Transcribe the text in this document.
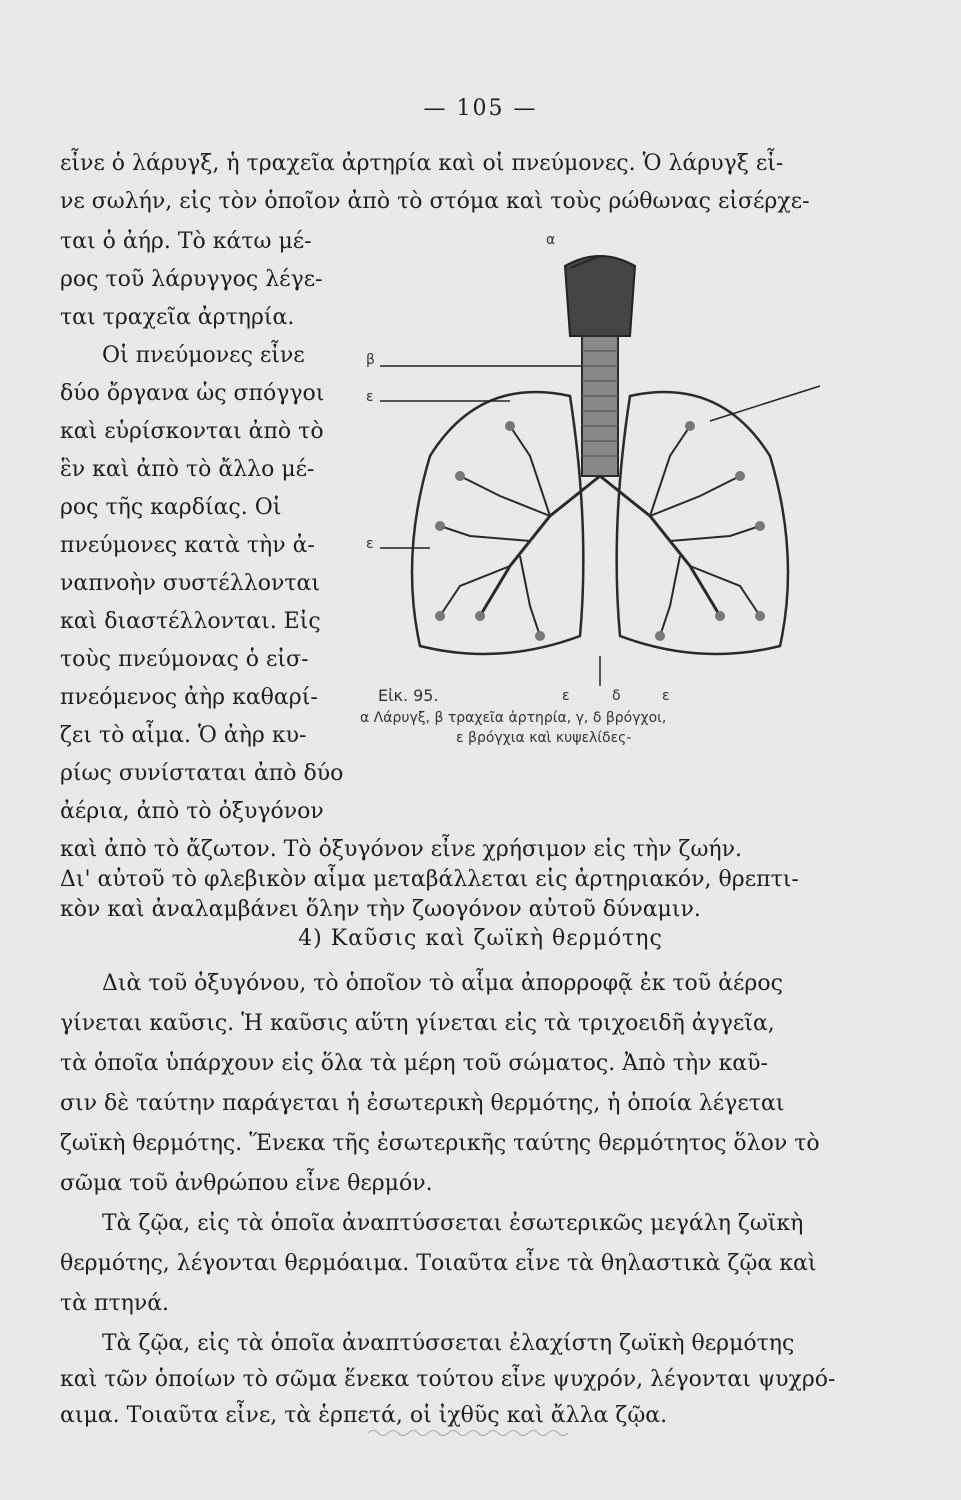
— 105 —
εἶνε ὁ λάρυγξ, ἡ τραχεῖα ἀρτηρία καὶ οἱ πνεύμονες. Ὁ λάρυγξ εἶ-
νε σωλήν, εἰς τὸν ὁποῖον ἀπὸ τὸ στόμα καὶ τοὺς ρώθωνας εἰσέρχε-
ται ὁ ἀήρ. Τὸ κάτω μέ-
ρος τοῦ λάρυγγος λέγε-
ται τραχεῖα ἀρτηρία.
Οἱ πνεύμονες εἶνε
δύο ὄργανα ὡς σπόγγοι
καὶ εὑρίσκονται ἀπὸ τὸ
ἓν καὶ ἀπὸ τὸ ἄλλο μέ-
ρος τῆς καρδίας. Οἱ
πνεύμονες κατὰ τὴν ἀ-
ναπνοὴν συστέλλονται
καὶ διαστέλλονται. Εἰς
τοὺς πνεύμονας ὁ εἰσ-
πνεόμενος ἀὴρ καθαρί-
ζει τὸ αἷμα. Ὁ ἀὴρ κυ-
ρίως συνίσταται ἀπὸ δύο
ἀέρια, ἀπὸ τὸ ὀξυγόνον
α
β
ε
ε
Εἰκ. 95.	ε	δ	ε
α Λάρυγξ, β τραχεῖα ἀρτηρία, γ, δ βρόγχοι,
ε βρόγχια καὶ κυψελίδες-
καὶ ἀπὸ τὸ ἄζωτον. Τὸ ὀξυγόνον εἶνε χρήσιμον εἰς τὴν ζωήν.
Δι' αὐτοῦ τὸ φλεβικὸν αἷμα μεταβάλλεται εἰς ἀρτηριακόν, θρεπτι-
κὸν καὶ ἀναλαμβάνει ὅλην τὴν ζωογόνον αὐτοῦ δύναμιν.
4) Καῦσις καὶ ζωϊκὴ θερμότης
Διὰ τοῦ ὀξυγόνου, τὸ ὁποῖον τὸ αἷμα ἀπορροφᾷ ἐκ τοῦ ἀέρος
γίνεται καῦσις. Ἡ καῦσις αὕτη γίνεται εἰς τὰ τριχοειδῆ ἀγγεῖα,
τὰ ὁποῖα ὑπάρχουν εἰς ὅλα τὰ μέρη τοῦ σώματος. Ἀπὸ τὴν καῦ-
σιν δὲ ταύτην παράγεται ἡ ἐσωτερικὴ θερμότης, ἡ ὁποία λέγεται
ζωϊκὴ θερμότης. Ἕνεκα τῆς ἐσωτερικῆς ταύτης θερμότητος ὅλον τὸ
σῶμα τοῦ ἀνθρώπου εἶνε θερμόν.
Τὰ ζῷα, εἰς τὰ ὁποῖα ἀναπτύσσεται ἐσωτερικῶς μεγάλη ζωϊκὴ
θερμότης, λέγονται θερμόαιμα. Τοιαῦτα εἶνε τὰ θηλαστικὰ ζῷα καὶ
τὰ πτηνά.
Τὰ ζῷα, εἰς τὰ ὁποῖα ἀναπτύσσεται ἐλαχίστη ζωϊκὴ θερμότης
καὶ τῶν ὁποίων τὸ σῶμα ἕνεκα τούτου εἶνε ψυχρόν, λέγονται ψυχρό-
αιμα. Τοιαῦτα εἶνε, τὰ ἑρπετά, οἱ ἰχθῦς καὶ ἄλλα ζῷα.
